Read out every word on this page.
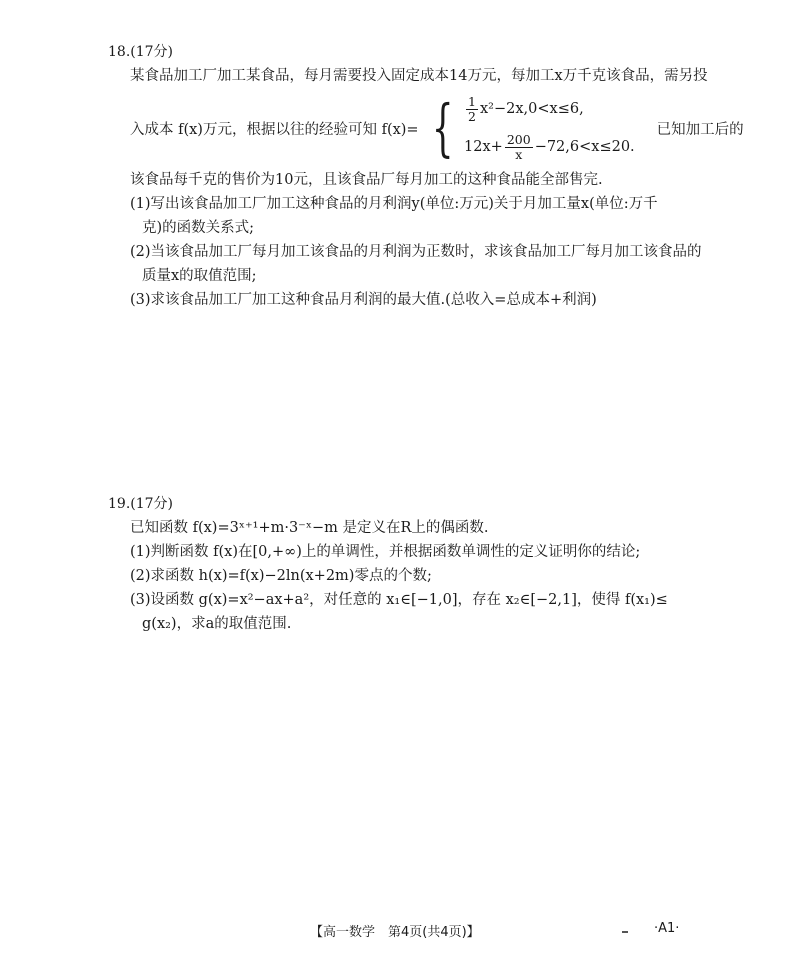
18.(17分)
某食品加工厂加工某食品，每月需要投入固定成本14万元，每加工x万千克该食品，需另投
入成本 f(x)万元，根据以往的经验可知 f(x)= { $\frac{1}{2} x^2-2x,0<x\le 6$,
$12x+ \frac{200}{x} -72,6<x\le 20$.
已知加工后的
该食品每千克的售价为10元，且该食品厂每月加工的这种食品能全部售完.
(1)写出该食品加工厂加工这种食品的月利润y(单位:万元)关于月加工量x(单位:万千
克)的函数关系式;
(2)当该食品加工厂每月加工该食品的月利润为正数时，求该食品加工厂每月加工该食品的
质量x的取值范围;
(3)求该食品加工厂加工这种食品月利润的最大值.(总收入=总成本+利润)
19.(17分)
已知函数 f(x)=3ˣ⁺¹+m·3⁻ˣ−m 是定义在R上的偶函数.
(1)判断函数 f(x)在[0,+∞)上的单调性，并根据函数单调性的定义证明你的结论;
(2)求函数 h(x)=f(x)−2ln(x+2m)零点的个数;
(3)设函数 g(x)=x²−ax+a²，对任意的 x₁∈[−1,0]，存在 x₂∈[−2,1]，使得 f(x₁)≤
g(x₂)，求a的取值范围.
【高一数学　第4页(共4页)】	·A1·
